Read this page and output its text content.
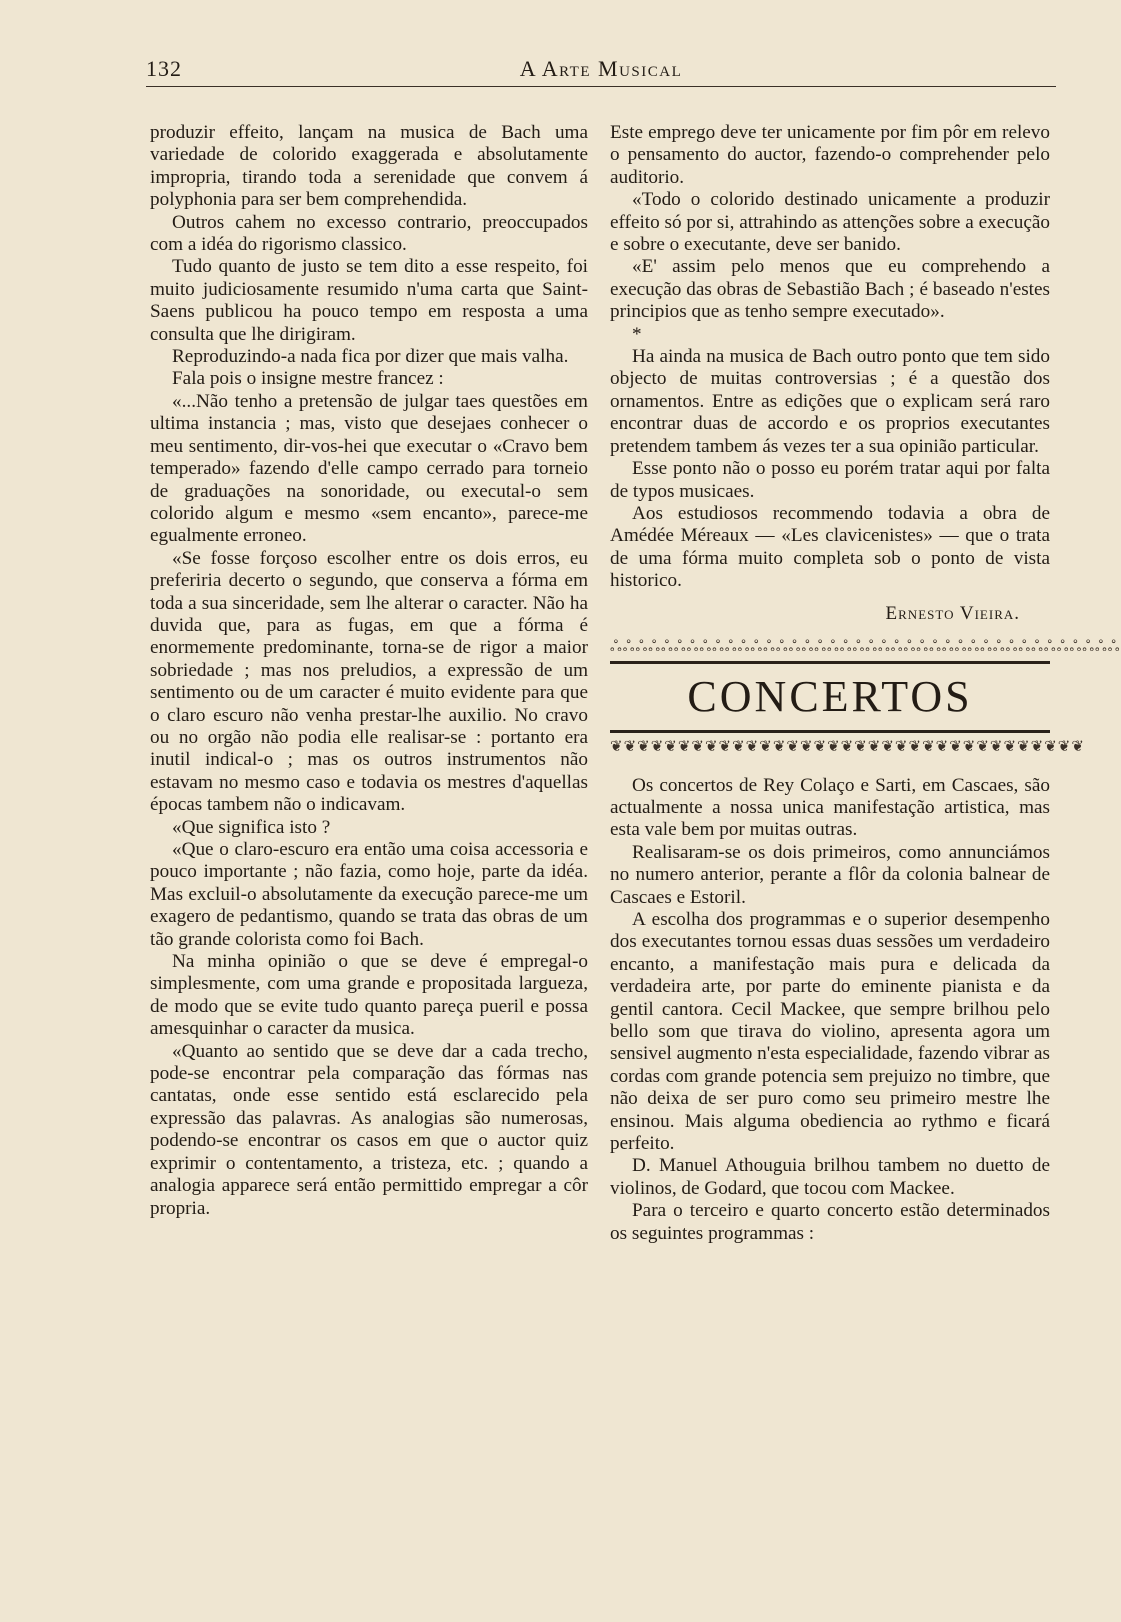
132	A Arte Musical

produzir effeito, lançam na musica de Bach uma variedade de colorido exaggerada e absolutamente impropria, tirando toda a serenidade que convem á polyphonia para ser bem comprehendida.

Outros cahem no excesso contrario, preoccupados com a idéa do rigorismo classico.

Tudo quanto de justo se tem dito a esse respeito, foi muito judiciosamente resumido n'uma carta que Saint-Saens publicou ha pouco tempo em resposta a uma consulta que lhe dirigiram.

Reproduzindo-a nada fica por dizer que mais valha.

Fala pois o insigne mestre francez :

«...Não tenho a pretensão de julgar taes questões em ultima instancia ; mas, visto que desejaes conhecer o meu sentimento, dir-vos-hei que executar o «Cravo bem temperado» fazendo d'elle campo cerrado para torneio de graduações na sonoridade, ou executal-o sem colorido algum e mesmo «sem encanto», parece-me egualmente erroneo.

«Se fosse forçoso escolher entre os dois erros, eu preferiria decerto o segundo, que conserva a fórma em toda a sua sinceridade, sem lhe alterar o caracter. Não ha duvida que, para as fugas, em que a fórma é enormemente predominante, torna-se de rigor a maior sobriedade ; mas nos preludios, a expressão de um sentimento ou de um caracter é muito evidente para que o claro escuro não venha prestar-lhe auxilio. No cravo ou no orgão não podia elle realisar-se : portanto era inutil indical-o ; mas os outros instrumentos não estavam no mesmo caso e todavia os mestres d'aquellas épocas tambem não o indicavam.

«Que significa isto ?

«Que o claro-escuro era então uma coisa accessoria e pouco importante ; não fazia, como hoje, parte da idéa. Mas excluil-o absolutamente da execução parece-me um exagero de pedantismo, quando se trata das obras de um tão grande colorista como foi Bach.

Na minha opinião o que se deve é empregal-o simplesmente, com uma grande e propositada largueza, de modo que se evite tudo quanto pareça pueril e possa amesquinhar o caracter da musica.

«Quanto ao sentido que se deve dar a cada trecho, pode-se encontrar pela comparação das fórmas nas cantatas, onde esse sentido está esclarecido pela expressão das palavras. As analogias são numerosas, podendo-se encontrar os casos em que o auctor quiz exprimir o contentamento, a tristeza, etc. ; quando a analogia apparece será então permittido empregar a côr propria.

Este emprego deve ter unicamente por fim pôr em relevo o pensamento do auctor, fazendo-o comprehender pelo auditorio.

«Todo o colorido destinado unicamente a produzir effeito só por si, attrahindo as attenções sobre a execução e sobre o executante, deve ser banido.

«E' assim pelo menos que eu comprehendo a execução das obras de Sebastião Bach ; é baseado n'estes principios que as tenho sempre executado».

*

Ha ainda na musica de Bach outro ponto que tem sido objecto de muitas controversias ; é a questão dos ornamentos. Entre as edições que o explicam será raro encontrar duas de accordo e os proprios executantes pretendem tambem ás vezes ter a sua opinião particular.

Esse ponto não o posso eu porém tratar aqui por falta de typos musicaes.

Aos estudiosos recommendo todavia a obra de Amédée Méreaux — «Les clavicenistes» — que o trata de uma fórma muito completa sob o ponto de vista historico.

Ernesto Vieira.
ஃஃஃஃஃஃஃஃஃஃஃஃஃஃஃஃஃஃஃஃஃஃஃஃஃஃஃஃஃஃஃஃஃஃஃஃஃஃஃஃ
CONCERTOS
❦❦❦❦❦❦❦❦❦❦❦❦❦❦❦❦❦❦❦❦❦❦❦❦❦❦❦❦❦❦❦❦❦❦❦

Os concertos de Rey Colaço e Sarti, em Cascaes, são actualmente a nossa unica manifestação artistica, mas esta vale bem por muitas outras.

Realisaram-se os dois primeiros, como annunciámos no numero anterior, perante a flôr da colonia balnear de Cascaes e Estoril.

A escolha dos programmas e o superior desempenho dos executantes tornou essas duas sessões um verdadeiro encanto, a manifestação mais pura e delicada da verdadeira arte, por parte do eminente pianista e da gentil cantora. Cecil Mackee, que sempre brilhou pelo bello som que tirava do violino, apresenta agora um sensivel augmento n'esta especialidade, fazendo vibrar as cordas com grande potencia sem prejuizo no timbre, que não deixa de ser puro como seu primeiro mestre lhe ensinou. Mais alguma obediencia ao rythmo e ficará perfeito.

D. Manuel Athouguia brilhou tambem no duetto de violinos, de Godard, que tocou com Mackee.

Para o terceiro e quarto concerto estão determinados os seguintes programmas :
